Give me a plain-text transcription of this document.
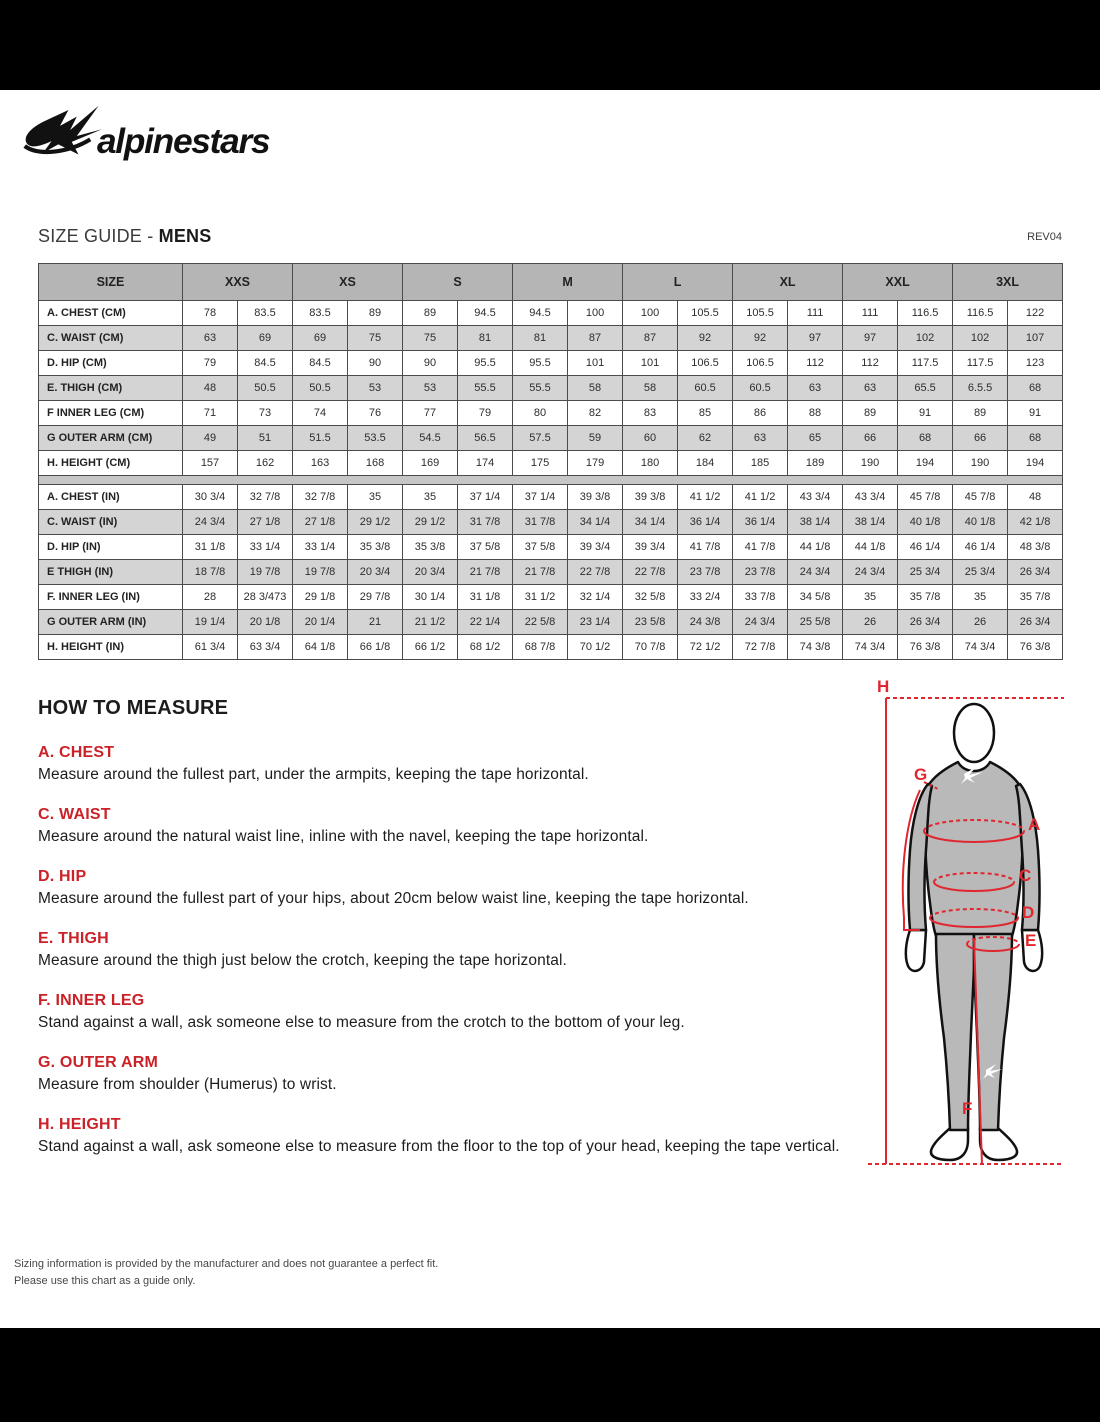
alpinestars
SIZE GUIDE - MENS	REV04
SIZE	XXS		XS		S		M		L		XL		XXL		3XL	
A. CHEST (CM)	78	83.5	83.5	89	89	94.5	94.5	100	100	105.5	105.5	111	111	116.5	116.5	122
C. WAIST (CM)	63	69	69	75	75	81	81	87	87	92	92	97	97	102	102	107
D. HIP (CM)	79	84.5	84.5	90	90	95.5	95.5	101	101	106.5	106.5	112	112	117.5	117.5	123
E. THIGH (CM)	48	50.5	50.5	53	53	55.5	55.5	58	58	60.5	60.5	63	63	65.5	6.5.5	68
F INNER LEG (CM)	71	73	74	76	77	79	80	82	83	85	86	88	89	91	89	91
G OUTER ARM (CM)	49	51	51.5	53.5	54.5	56.5	57.5	59	60	62	63	65	66	68	66	68
H. HEIGHT (CM)	157	162	163	168	169	174	175	179	180	184	185	189	190	194	190	194

A. CHEST (IN)	30 3/4	32 7/8	32 7/8	35	35	37 1/4	37 1/4	39 3/8	39 3/8	41 1/2	41 1/2	43 3/4	43 3/4	45 7/8	45 7/8	48
C. WAIST (IN)	24 3/4	27 1/8	27 1/8	29 1/2	29 1/2	31 7/8	31 7/8	34 1/4	34 1/4	36 1/4	36 1/4	38 1/4	38 1/4	40 1/8	40 1/8	42 1/8
D. HIP (IN)	31 1/8	33 1/4	33 1/4	35 3/8	35 3/8	37 5/8	37 5/8	39 3/4	39 3/4	41 7/8	41 7/8	44 1/8	44 1/8	46 1/4	46 1/4	48 3/8
E THIGH (IN)	18 7/8	19 7/8	19 7/8	20 3/4	20 3/4	21 7/8	21 7/8	22 7/8	22 7/8	23 7/8	23 7/8	24 3/4	24 3/4	25 3/4	25 3/4	26 3/4
F. INNER LEG (IN)	28	28 3/473	29 1/8	29 7/8	30 1/4	31 1/8	31 1/2	32 1/4	32 5/8	33 2/4	33 7/8	34 5/8	35	35 7/8	35	35 7/8
G OUTER ARM (IN)	19 1/4	20 1/8	20 1/4	21	21 1/2	22 1/4	22 5/8	23 1/4	23 5/8	24 3/8	24 3/4	25 5/8	26	26 3/4	26	26 3/4
H. HEIGHT (IN)	61 3/4	63 3/4	64 1/8	66 1/8	66 1/2	68 1/2	68 7/8	70 1/2	70 7/8	72 1/2	72 7/8	74 3/8	74 3/4	76 3/8	74 3/4	76 3/8
HOW TO MEASURE
A. CHEST
Measure around the fullest part, under the armpits, keeping the tape horizontal.
C. WAIST
Measure around the natural waist line, inline with the navel, keeping the tape horizontal.
D. HIP
Measure around the fullest part of your hips, about 20cm below waist line, keeping the tape horizontal.
E. THIGH
Measure around the thigh just below the crotch, keeping the tape horizontal.
F. INNER LEG
Stand against a wall, ask someone else to measure from the crotch to the bottom of your leg.
G. OUTER ARM
Measure from shoulder (Humerus) to wrist.
H. HEIGHT
Stand against a wall, ask someone else to measure from the floor to the top of your head, keeping the tape vertical.
H
G
A
C
D
E
F
Sizing information is provided by the manufacturer and does not guarantee a perfect fit.
Please use this chart as a guide only.
